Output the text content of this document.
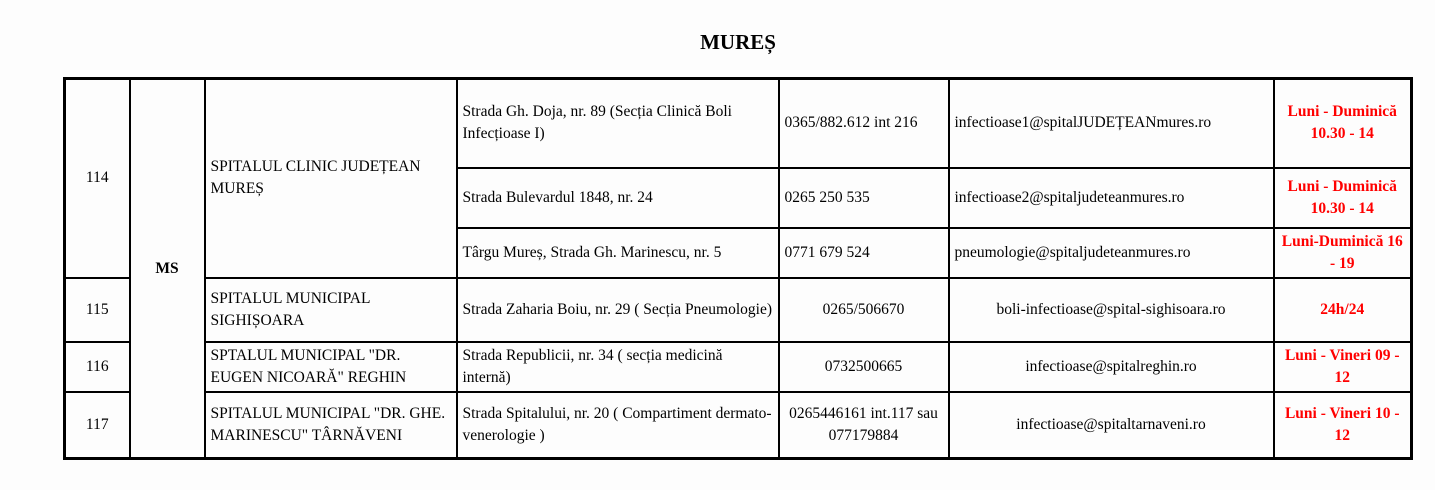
MUREȘ
114	MS	SPITALUL CLINIC JUDEȚEAN MUREȘ	Strada Gh. Doja, nr. 89 (Secția Clinică Boli Infecțioase I)	0365/882.612 int 216	infectioase1@spitalJUDEȚEANmures.ro	Luni - Duminică 10.30 - 14
			Strada Bulevardul 1848, nr. 24	0265 250 535	infectioase2@spitaljudeteanmures.ro	Luni - Duminică 10.30 - 14
			Târgu Mureș, Strada Gh. Marinescu, nr. 5	0771 679 524	pneumologie@spitaljudeteanmures.ro	Luni-Duminică 16 - 19
115		SPITALUL MUNICIPAL SIGHIȘOARA	Strada Zaharia Boiu, nr. 29 ( Secția Pneumologie)	0265/506670	boli-infectioase@spital-sighisoara.ro	24h/24
116		SPTALUL MUNICIPAL "DR. EUGEN NICOARĂ" REGHIN	Strada Republicii, nr. 34 ( secția medicină internă)	0732500665	infectioase@spitalreghin.ro	Luni - Vineri 09 - 12
117		SPITALUL MUNICIPAL "DR. GHE. MARINESCU" TÂRNĂVENI	Strada Spitalului, nr. 20 ( Compartiment dermato-venerologie )	0265446161 int.117 sau 077179884	infectioase@spitaltarnaveni.ro	Luni - Vineri 10 - 12
